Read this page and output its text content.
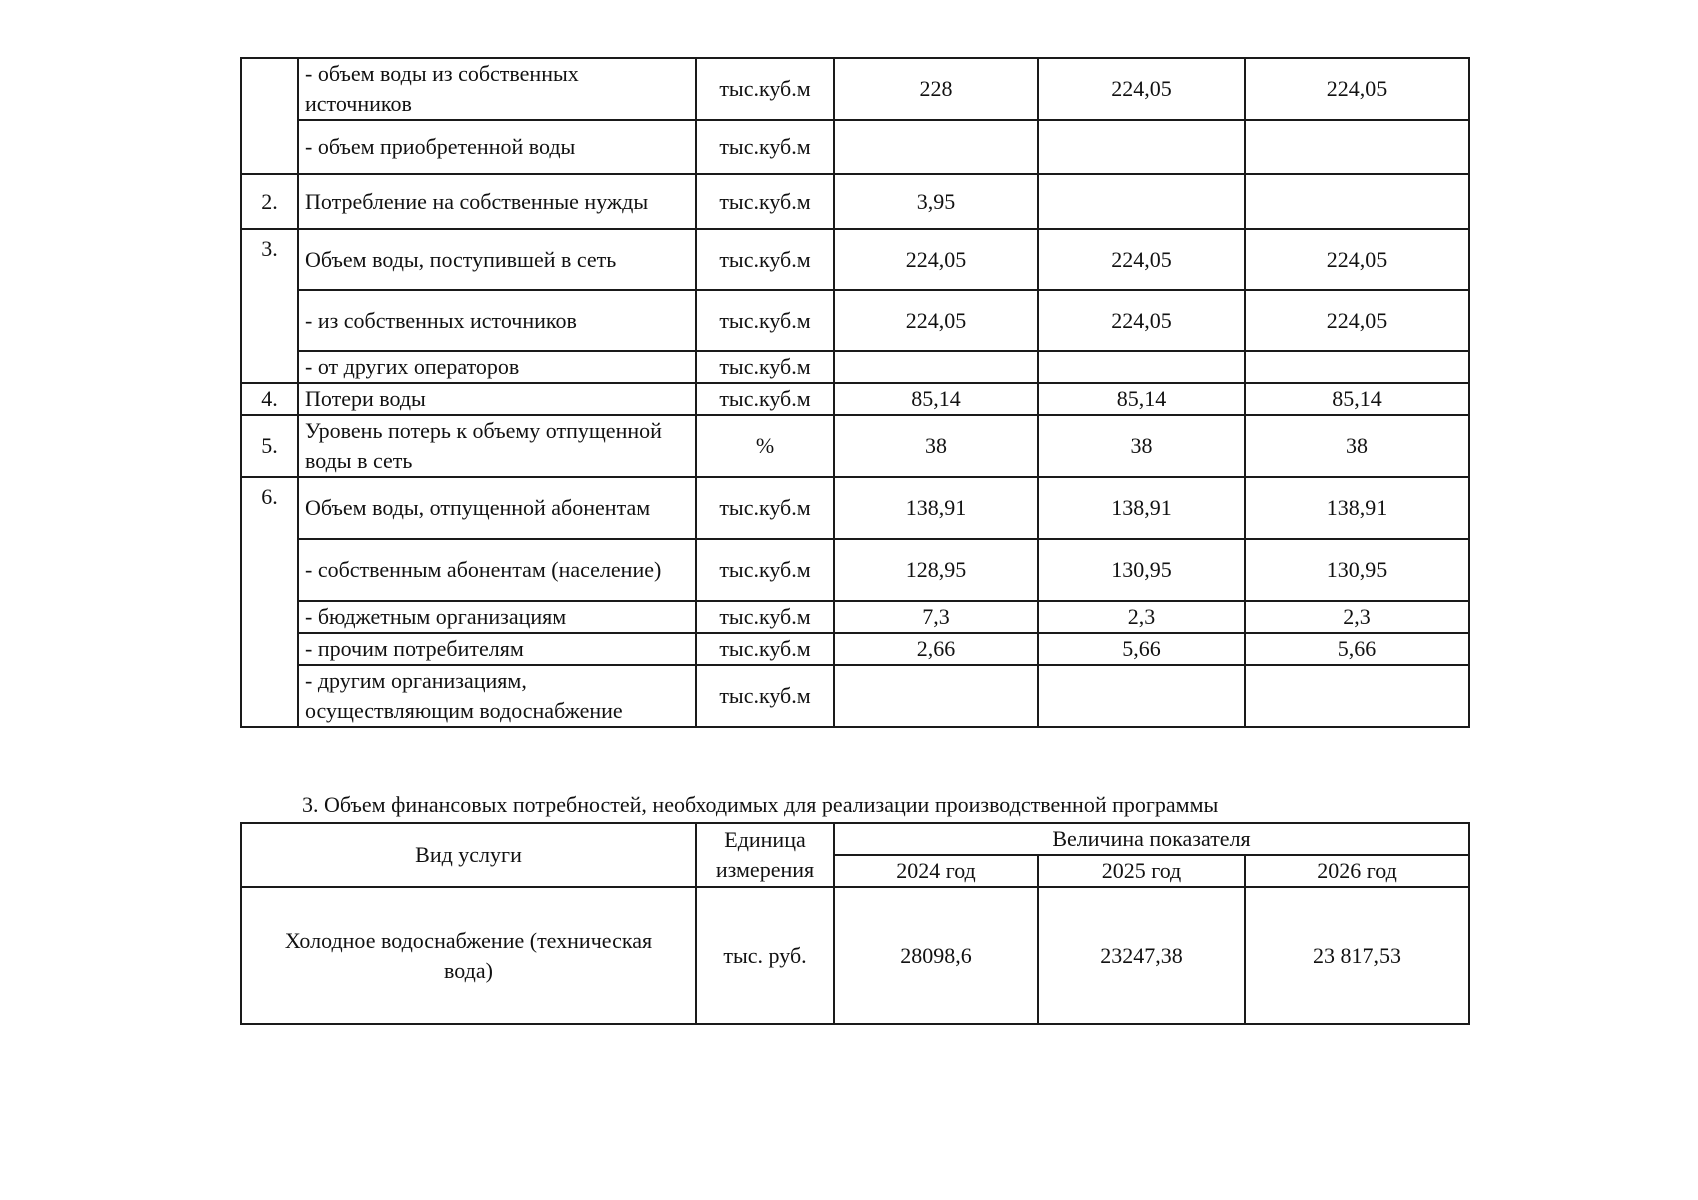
	- объем воды из собственных источников	тыс.куб.м	228	224,05	224,05
	- объем приобретенной воды	тыс.куб.м			
2.	Потребление на собственные нужды	тыс.куб.м	3,95		
3.	Объем воды, поступившей в сеть	тыс.куб.м	224,05	224,05	224,05
	- из собственных источников	тыс.куб.м	224,05	224,05	224,05
	- от других операторов	тыс.куб.м			
4.	Потери воды	тыс.куб.м	85,14	85,14	85,14
5.	Уровень потерь к объему отпущенной воды в сеть	%	38	38	38
6.	Объем воды, отпущенной абонентам	тыс.куб.м	138,91	138,91	138,91
	- собственным абонентам (население)	тыс.куб.м	128,95	130,95	130,95
	- бюджетным организациям	тыс.куб.м	7,3	2,3	2,3
	- прочим потребителям	тыс.куб.м	2,66	5,66	5,66
	- другим организациям, осуществляющим водоснабжение	тыс.куб.м			
3. Объем финансовых потребностей, необходимых для реализации производственной программы
Вид услуги	Единица измерения	Величина показателя		
		2024 год	2025 год	2026 год
Холодное водоснабжение (техническая вода)	тыс. руб.	28098,6	23247,38	23 817,53
